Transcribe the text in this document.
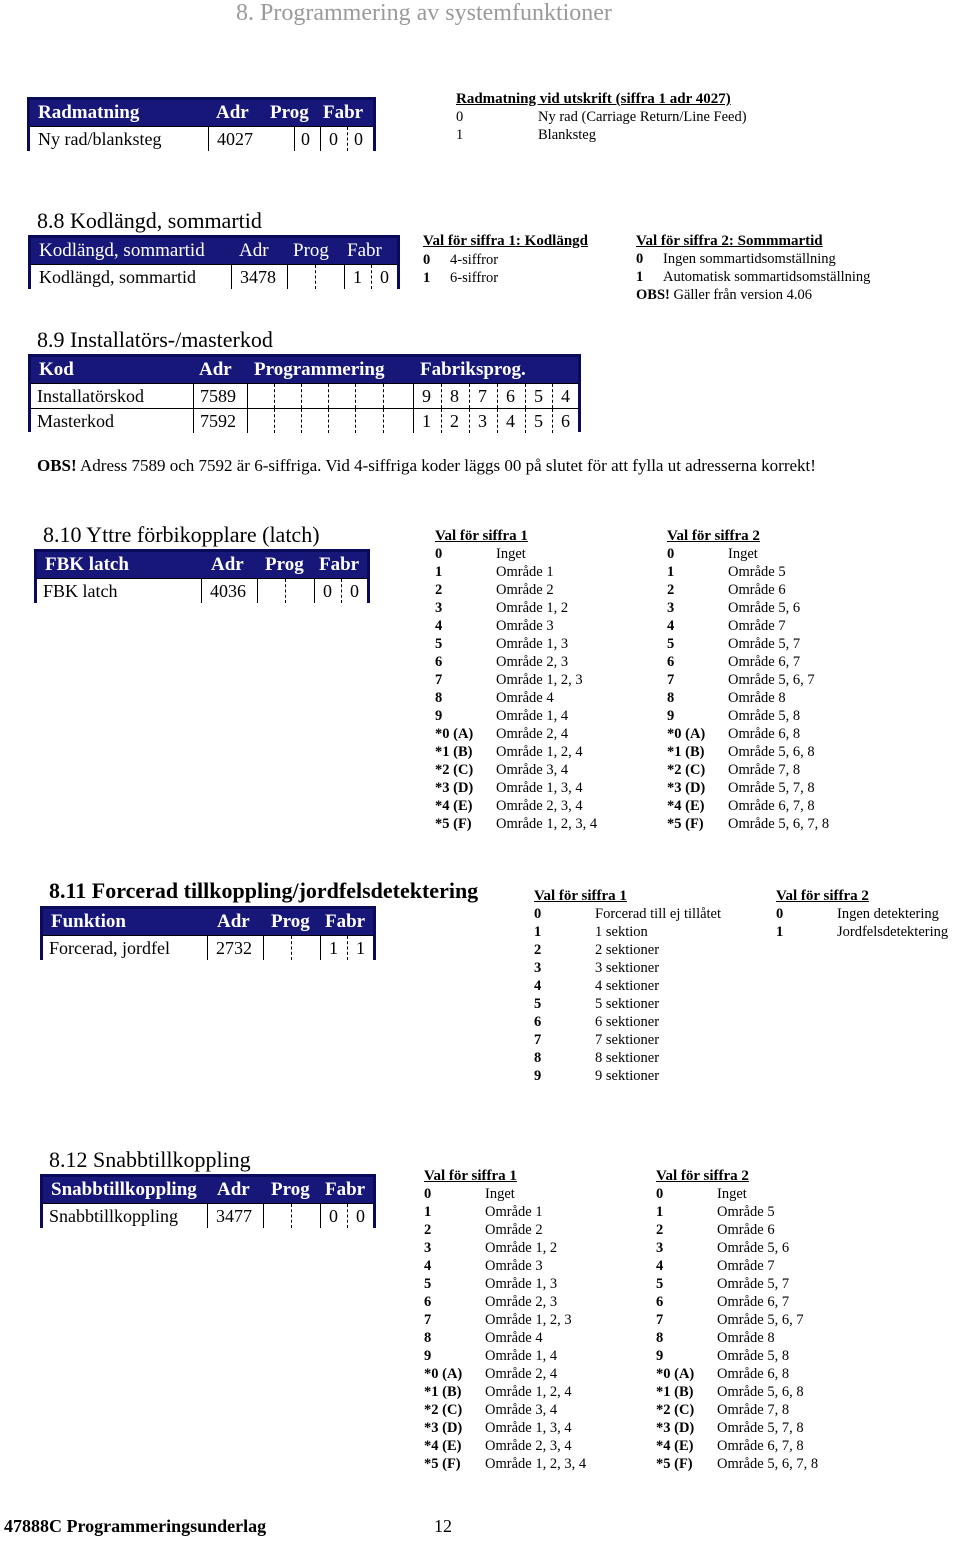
8. Programmering av systemfunktioner
Radmatning	Adr Prog Fabr
Ny rad/blanksteg	4027	0	0 0
Radmatning vid utskrift (siffra 1 adr 4027)
0	Ny rad (Carriage Return/Line Feed)
1	Blanksteg
8.8 Kodlängd, sommartid
Kodlängd, sommartid Adr Prog Fabr
Kodlängd, sommartid	3478	1	0
Val för siffra 1: Kodlängd
0 4-siffror
1 6-siffror
Val för siffra 2: Sommmartid
0 Ingen sommartidsomställning
1 Automatisk sommartidsomställning
OBS! Gäller från version 4.06
8.9 Installatörs-/masterkod
Kod	Adr Programmering Fabriksprog.
Installatörskod	7589	9	8	7	6	5	4
Masterkod	7592	1	2	3	4	5	6
OBS! Adress 7589 och 7592 är 6-siffriga. Vid 4-siffriga koder läggs 00 på slutet för att fylla ut adresserna korrekt!
8.10 Yttre förbikopplare (latch)
FBK latch	Adr Prog Fabr
FBK latch	4036	0	0
Val för siffra 1
0	Inget
1	Område 1
2	Område 2
3	Område 1, 2
4	Område 3
5	Område 1, 3
6	Område 2, 3
7	Område 1, 2, 3
8	Område 4
9	Område 1, 4
*0 (A) Område 2, 4
*1 (B) Område 1, 2, 4
*2 (C) Område 3, 4
*3 (D) Område 1, 3, 4
*4 (E) Område 2, 3, 4
*5 (F) Område 1, 2, 3, 4
Val för siffra 2
0	Inget
1	Område 5
2	Område 6
3	Område 5, 6
4	Område 7
5	Område 5, 7
6	Område 6, 7
7	Område 5, 6, 7
8	Område 8
9	Område 5, 8
*0 (A) Område 6, 8
*1 (B) Område 5, 6, 8
*2 (C) Område 7, 8
*3 (D) Område 5, 7, 8
*4 (E) Område 6, 7, 8
*5 (F) Område 5, 6, 7, 8
8.11 Forcerad tillkoppling/jordfelsdetektering
Funktion	Adr Prog Fabr
Forcerad, jordfel	2732	1	1
Val för siffra 1
0	Forcerad till ej tillåtet
1	1 sektion
2	2 sektioner
3	3 sektioner
4	4 sektioner
5	5 sektioner
6	6 sektioner
7	7 sektioner
8	8 sektioner
9	9 sektioner
Val för siffra 2
0	Ingen detektering
1	Jordfelsdetektering
8.12 Snabbtillkoppling
Snabbtillkoppling Adr Prog Fabr
Snabbtillkoppling	3477	0	0
Val för siffra 1
0	Inget
1	Område 1
2	Område 2
3	Område 1, 2
4	Område 3
5	Område 1, 3
6	Område 2, 3
7	Område 1, 2, 3
8	Område 4
9	Område 1, 4
*0 (A) Område 2, 4
*1 (B) Område 1, 2, 4
*2 (C) Område 3, 4
*3 (D) Område 1, 3, 4
*4 (E) Område 2, 3, 4
*5 (F) Område 1, 2, 3, 4
Val för siffra 2
0	Inget
1	Område 5
2	Område 6
3	Område 5, 6
4	Område 7
5	Område 5, 7
6	Område 6, 7
7	Område 5, 6, 7
8	Område 8
9	Område 5, 8
*0 (A) Område 6, 8
*1 (B) Område 5, 6, 8
*2 (C) Område 7, 8
*3 (D) Område 5, 7, 8
*4 (E) Område 6, 7, 8
*5 (F) Område 5, 6, 7, 8
47888C Programmeringsunderlag	12
